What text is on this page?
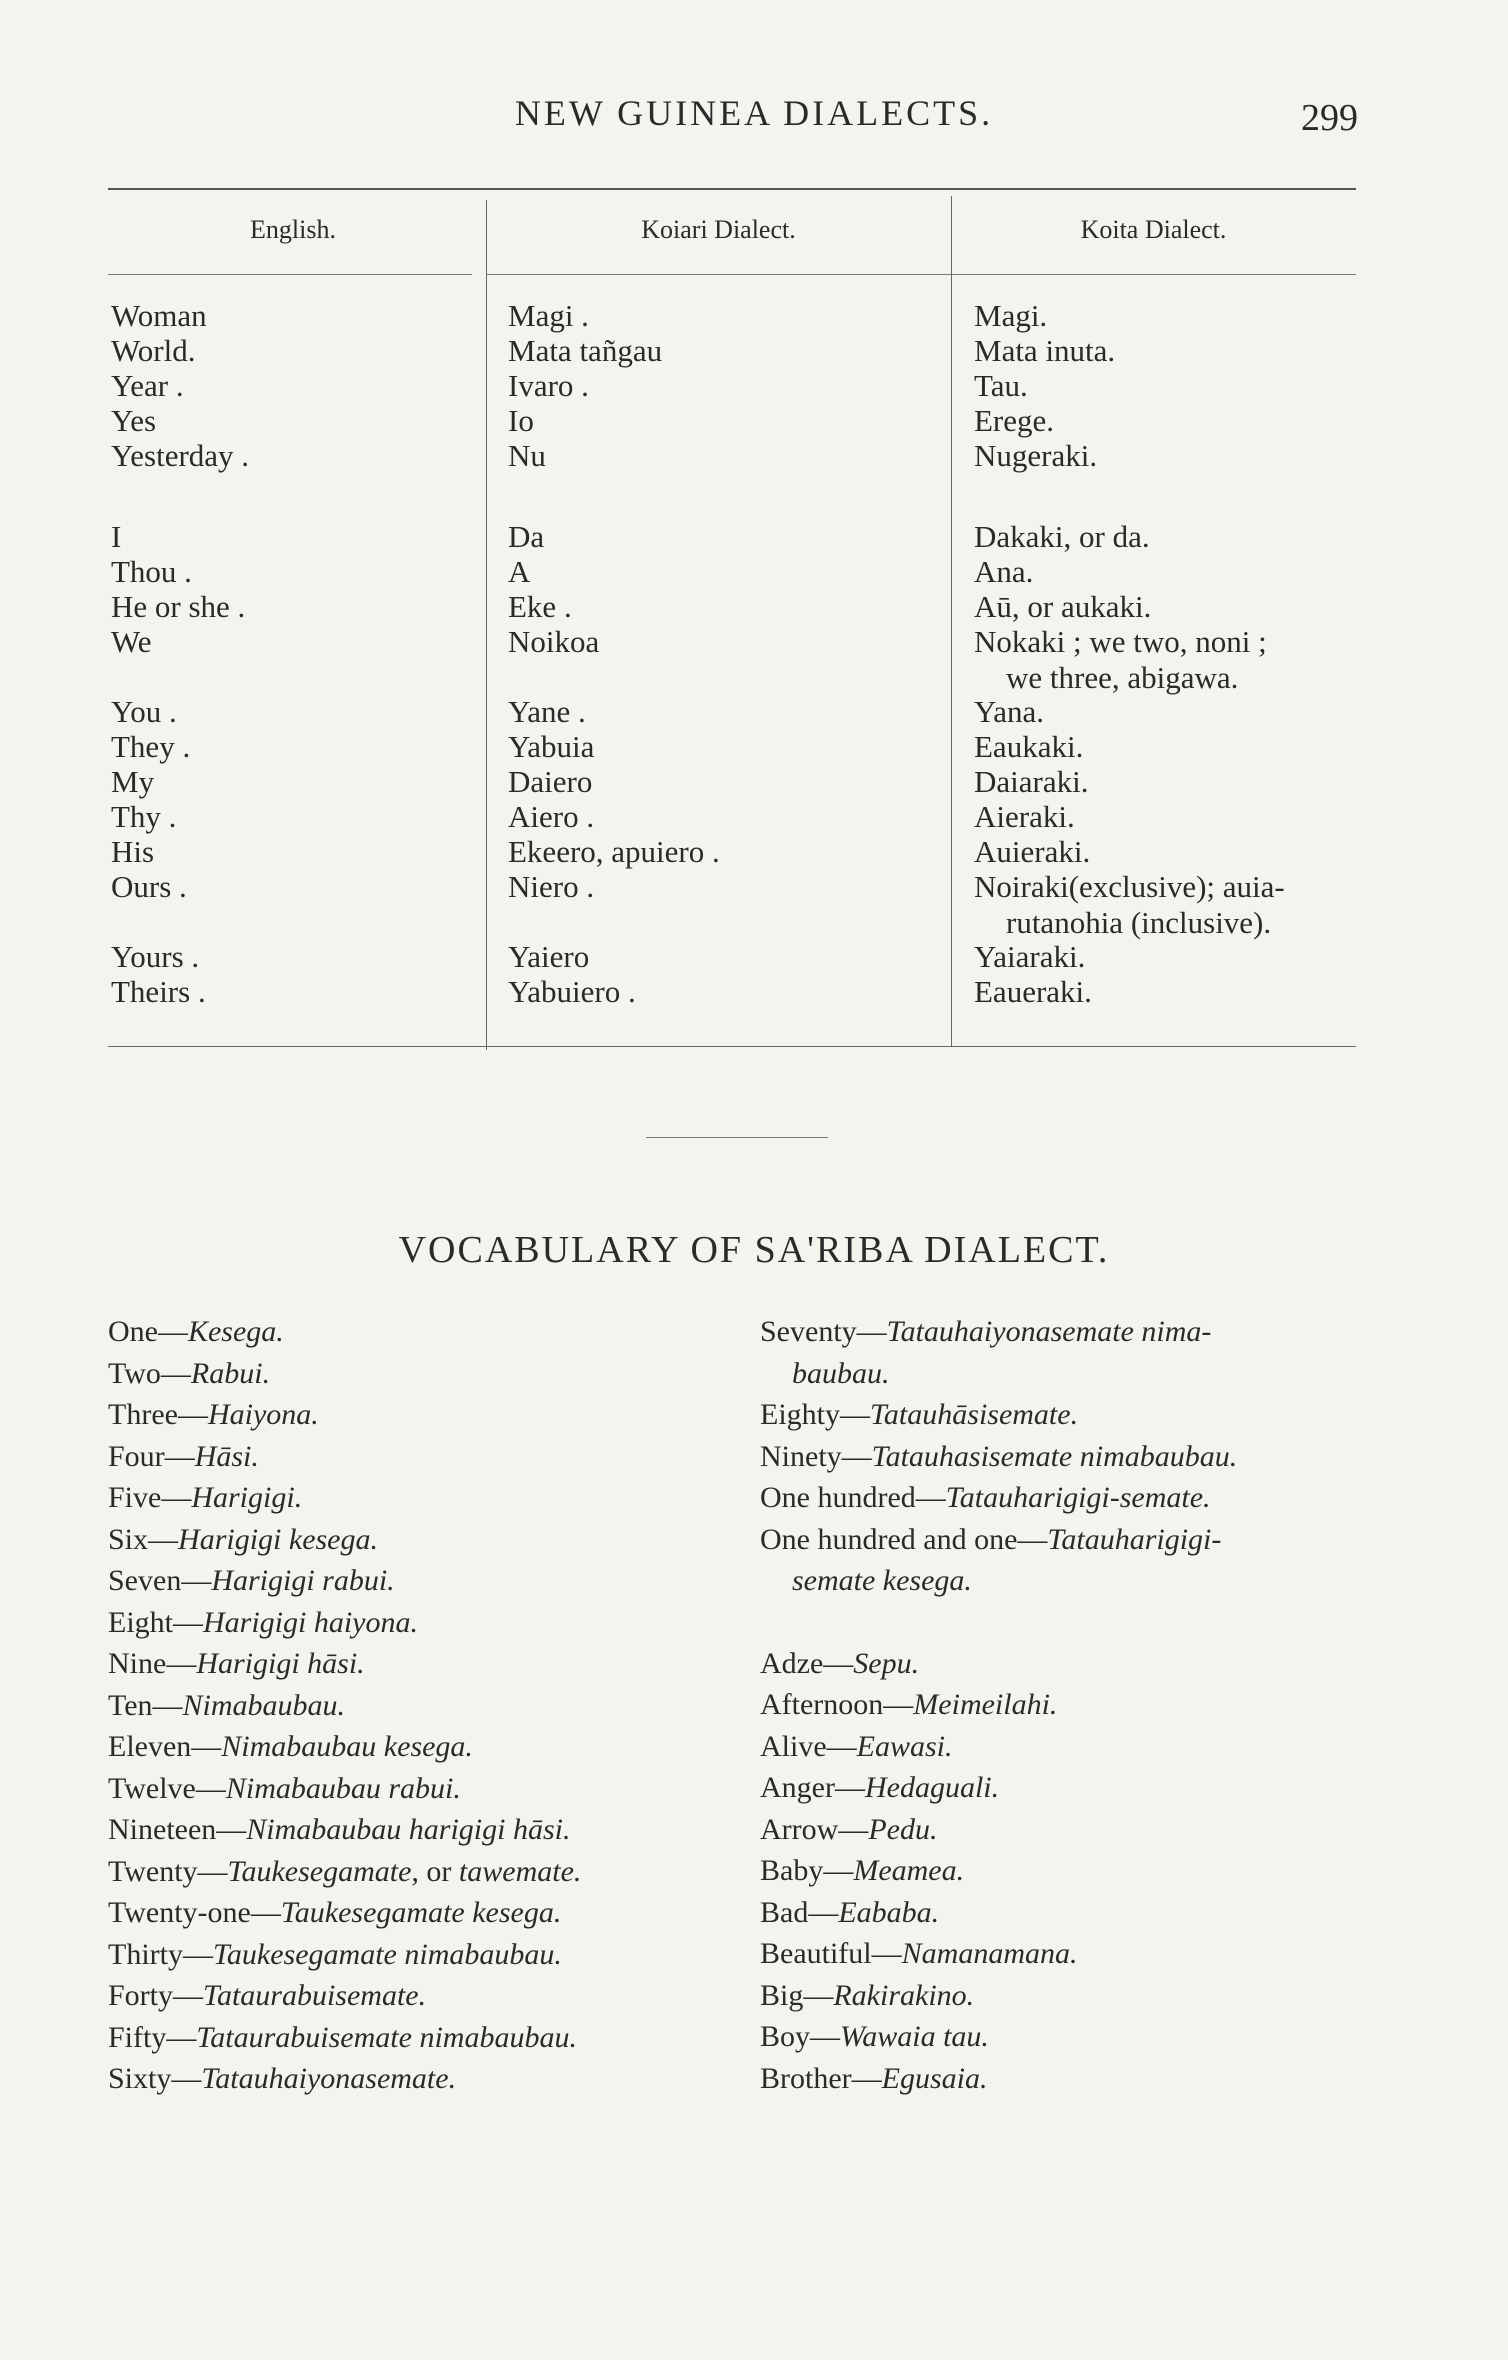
NEW GUINEA DIALECTS.	299
English.	Koiari Dialect.	Koita Dialect.
Woman	Magi .	Magi.
World.	Mata tañgau	Mata inuta.
Year .	Ivaro .	Tau.
Yes	Io	Erege.
Yesterday .	Nu	Nugeraki.
I	Da	Dakaki, or da.
Thou .	A	Ana.
He or she .	Eke .	Aū, or aukaki.
We	Noikoa	Nokaki ; we two, noni ;
we three, abigawa.
You .	Yane .	Yana.
They .	Yabuia	Eaukaki.
My	Daiero	Daiaraki.
Thy .	Aiero .	Aieraki.
His	Ekeero, apuiero .	Auieraki.
Ours .	Niero .	Noiraki(exclusive); auia-
rutanohia (inclusive).
Yours .	Yaiero	Yaiaraki.
Theirs .	Yabuiero .	Eaueraki.
VOCABULARY OF SA'RIBA DIALECT.
One—Kesega.
Two—Rabui.
Three—Haiyona.
Four—Hāsi.
Five—Harigigi.
Six—Harigigi kesega.
Seven—Harigigi rabui.
Eight—Harigigi haiyona.
Nine—Harigigi hāsi.
Ten—Nimabaubau.
Eleven—Nimabaubau kesega.
Twelve—Nimabaubau rabui.
Nineteen—Nimabaubau harigigi hāsi.
Twenty—Taukesegamate, or tawemate.
Twenty-one—Taukesegamate kesega.
Thirty—Taukesegamate nimabaubau.
Forty—Tataurabuisemate.
Fifty—Tataurabuisemate nimabaubau.
Sixty—Tatauhaiyonasemate.
Seventy—Tatauhaiyonasemate nima-
baubau.
Eighty—Tatauhāsisemate.
Ninety—Tatauhasisemate nimabaubau.
One hundred—Tatauharigigi-semate.
One hundred and one—Tatauharigigi-
semate kesega.
Adze—Sepu.
Afternoon—Meimeilahi.
Alive—Eawasi.
Anger—Hedaguali.
Arrow—Pedu.
Baby—Meamea.
Bad—Eababa.
Beautiful—Namanamana.
Big—Rakirakino.
Boy—Wawaia tau.
Brother—Egusaia.
